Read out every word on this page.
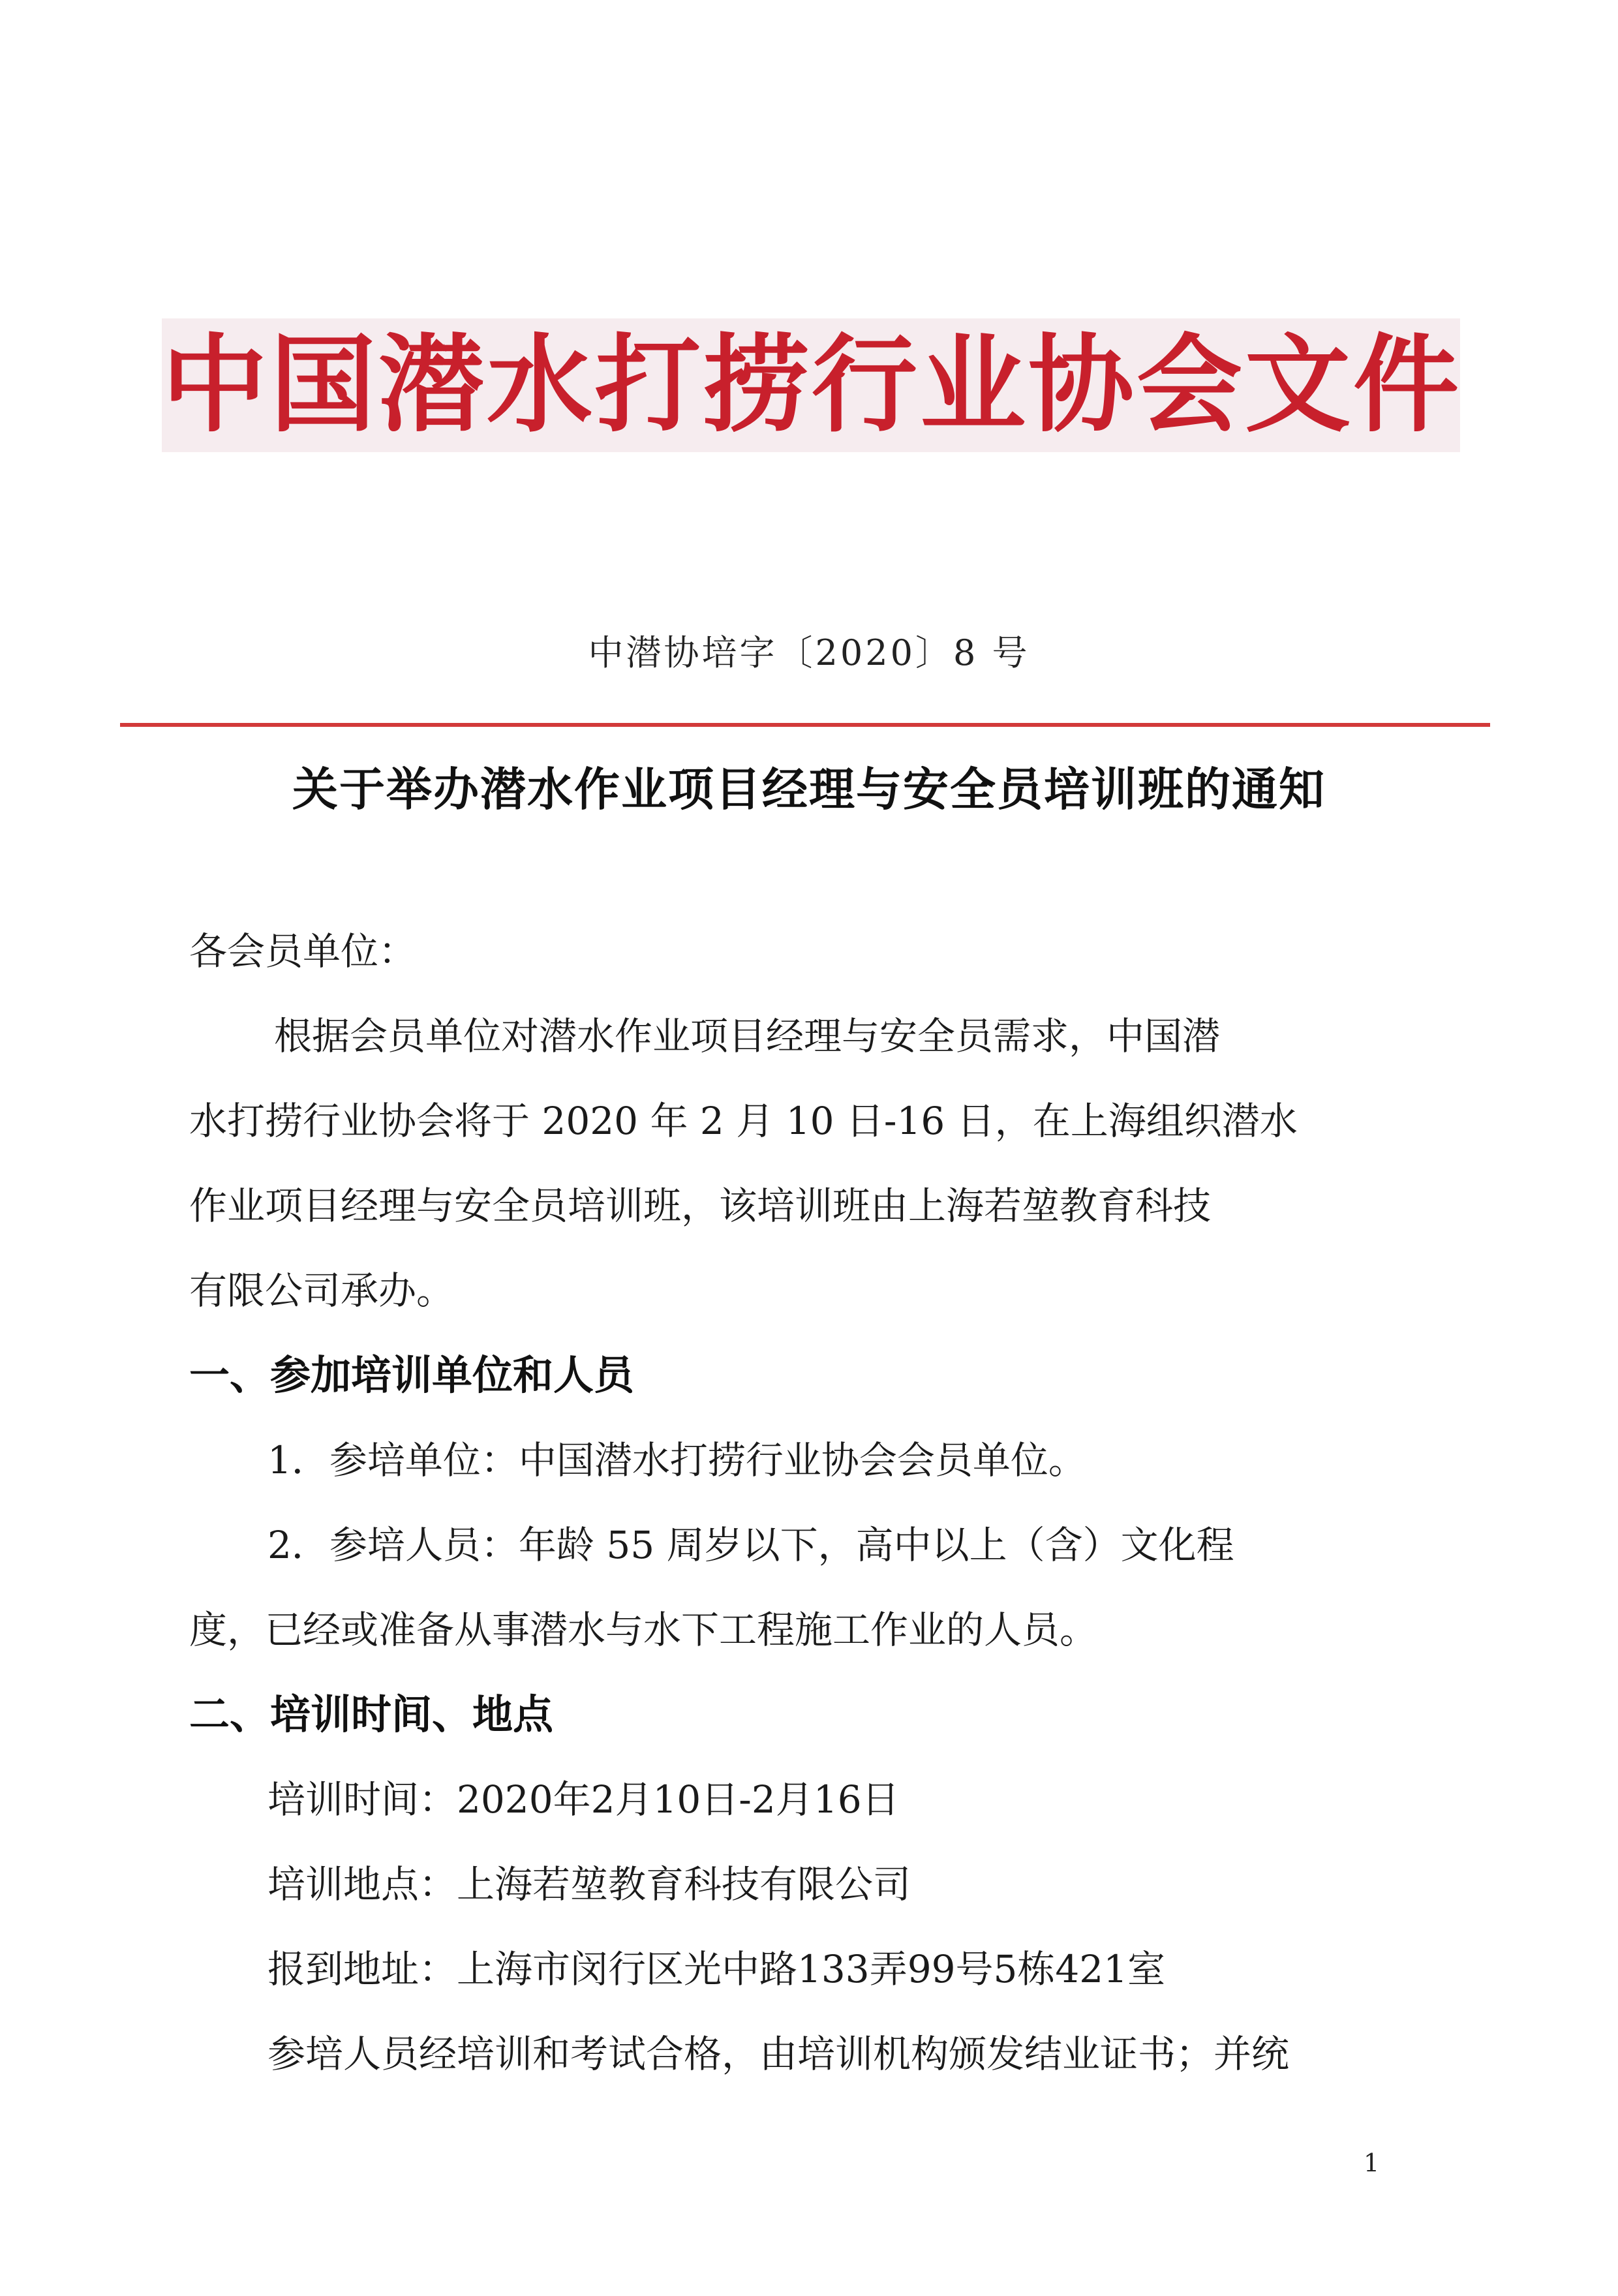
中国潜水打捞行业协会文件
中潜协培字〔2020〕8 号
关于举办潜水作业项目经理与安全员培训班的通知
各会员单位：
根据会员单位对潜水作业项目经理与安全员需求，中国潜
水打捞行业协会将于 2020 年 2 月 10 日-16 日，在上海组织潜水
作业项目经理与安全员培训班，该培训班由上海若堃教育科技
有限公司承办。
一、参加培训单位和人员
1．参培单位：中国潜水打捞行业协会会员单位。
2．参培人员：年龄 55 周岁以下，高中以上（含）文化程
度，已经或准备从事潜水与水下工程施工作业的人员。
二、培训时间、地点
培训时间：2020年2月10日-2月16日
培训地点：上海若堃教育科技有限公司
报到地址：上海市闵行区光中路133弄99号5栋421室
参培人员经培训和考试合格，由培训机构颁发结业证书；并统
1
